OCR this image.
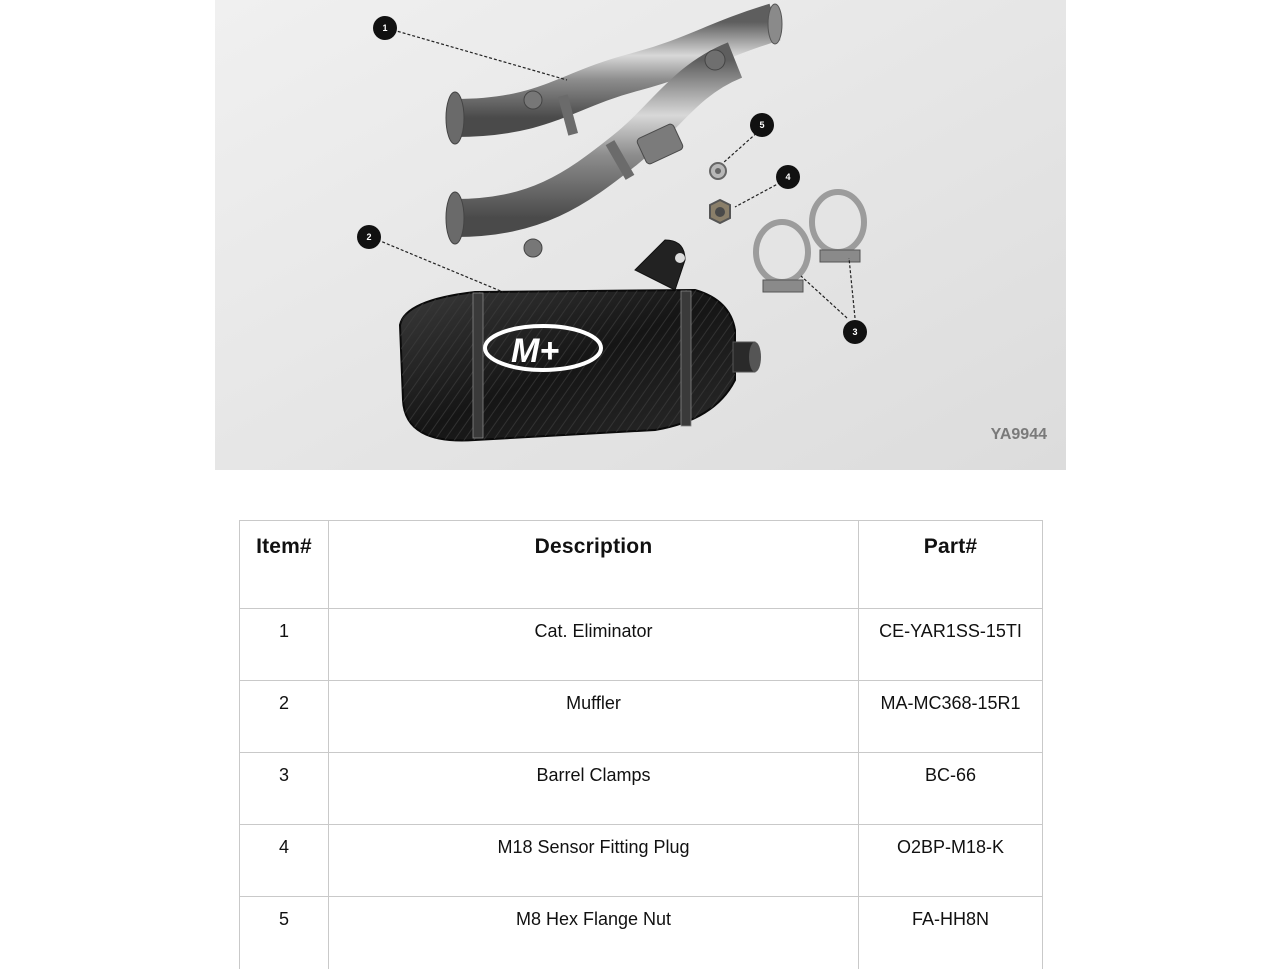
M+
1
2
3
4
5
YA9944
Item#	Description	Part#
1	Cat. Eliminator	CE-YAR1SS-15TI
2	Muffler	MA-MC368-15R1
3	Barrel Clamps	BC-66
4	M18 Sensor Fitting Plug	O2BP-M18-K
5	M8 Hex Flange Nut	FA-HH8N
